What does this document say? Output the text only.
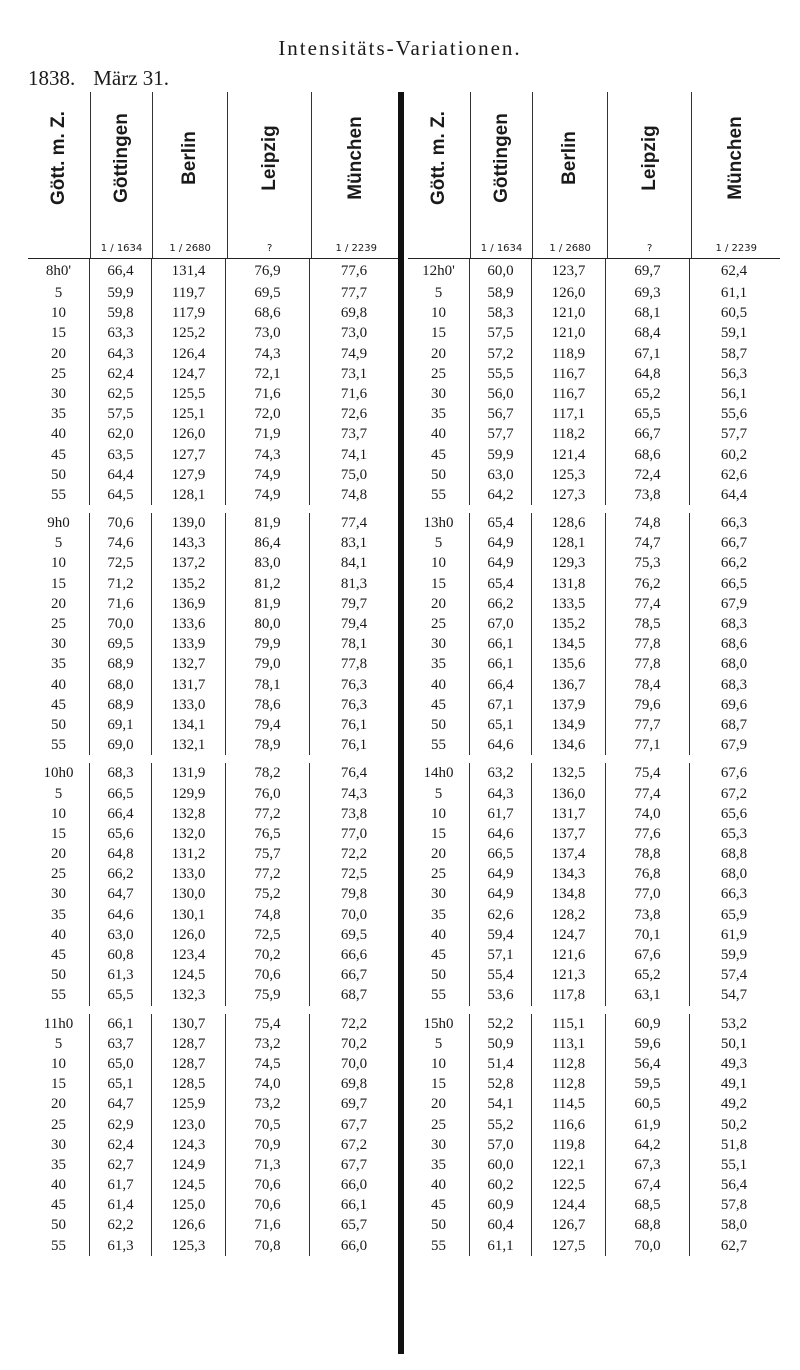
Intensitäts-Variationen.
1838. März 31.
Gött. m. Z. Göttingen
1 / 1634
Berlin
1 / 2680
Leipzig
?
München
1 / 2239
8h0'	66,4	131,4	76,9	77,6
5	59,9	119,7	69,5	77,7
10	59,8	117,9	68,6	69,8
15	63,3	125,2	73,0	73,0
20	64,3	126,4	74,3	74,9
25	62,4	124,7	72,1	73,1
30	62,5	125,5	71,6	71,6
35	57,5	125,1	72,0	72,6
40	62,0	126,0	71,9	73,7
45	63,5	127,7	74,3	74,1
50	64,4	127,9	74,9	75,0
55	64,5	128,1	74,9	74,8
9h0	70,6	139,0	81,9	77,4
5	74,6	143,3	86,4	83,1
10	72,5	137,2	83,0	84,1
15	71,2	135,2	81,2	81,3
20	71,6	136,9	81,9	79,7
25	70,0	133,6	80,0	79,4
30	69,5	133,9	79,9	78,1
35	68,9	132,7	79,0	77,8
40	68,0	131,7	78,1	76,3
45	68,9	133,0	78,6	76,3
50	69,1	134,1	79,4	76,1
55	69,0	132,1	78,9	76,1
10h0	68,3	131,9	78,2	76,4
5	66,5	129,9	76,0	74,3
10	66,4	132,8	77,2	73,8
15	65,6	132,0	76,5	77,0
20	64,8	131,2	75,7	72,2
25	66,2	133,0	77,2	72,5
30	64,7	130,0	75,2	79,8
35	64,6	130,1	74,8	70,0
40	63,0	126,0	72,5	69,5
45	60,8	123,4	70,2	66,6
50	61,3	124,5	70,6	66,7
55	65,5	132,3	75,9	68,7
11h0	66,1	130,7	75,4	72,2
5	63,7	128,7	73,2	70,2
10	65,0	128,7	74,5	70,0
15	65,1	128,5	74,0	69,8
20	64,7	125,9	73,2	69,7
25	62,9	123,0	70,5	67,7
30	62,4	124,3	70,9	67,2
35	62,7	124,9	71,3	67,7
40	61,7	124,5	70,6	66,0
45	61,4	125,0	70,6	66,1
50	62,2	126,6	71,6	65,7
55	61,3	125,3	70,8	66,0
Gött. m. Z. Göttingen
1 / 1634
Berlin
1 / 2680
Leipzig
?
München
1 / 2239
12h0'	60,0	123,7	69,7	62,4
5	58,9	126,0	69,3	61,1
10	58,3	121,0	68,1	60,5
15	57,5	121,0	68,4	59,1
20	57,2	118,9	67,1	58,7
25	55,5	116,7	64,8	56,3
30	56,0	116,7	65,2	56,1
35	56,7	117,1	65,5	55,6
40	57,7	118,2	66,7	57,7
45	59,9	121,4	68,6	60,2
50	63,0	125,3	72,4	62,6
55	64,2	127,3	73,8	64,4
13h0	65,4	128,6	74,8	66,3
5	64,9	128,1	74,7	66,7
10	64,9	129,3	75,3	66,2
15	65,4	131,8	76,2	66,5
20	66,2	133,5	77,4	67,9
25	67,0	135,2	78,5	68,3
30	66,1	134,5	77,8	68,6
35	66,1	135,6	77,8	68,0
40	66,4	136,7	78,4	68,3
45	67,1	137,9	79,6	69,6
50	65,1	134,9	77,7	68,7
55	64,6	134,6	77,1	67,9
14h0	63,2	132,5	75,4	67,6
5	64,3	136,0	77,4	67,2
10	61,7	131,7	74,0	65,6
15	64,6	137,7	77,6	65,3
20	66,5	137,4	78,8	68,8
25	64,9	134,3	76,8	68,0
30	64,9	134,8	77,0	66,3
35	62,6	128,2	73,8	65,9
40	59,4	124,7	70,1	61,9
45	57,1	121,6	67,6	59,9
50	55,4	121,3	65,2	57,4
55	53,6	117,8	63,1	54,7
15h0	52,2	115,1	60,9	53,2
5	50,9	113,1	59,6	50,1
10	51,4	112,8	56,4	49,3
15	52,8	112,8	59,5	49,1
20	54,1	114,5	60,5	49,2
25	55,2	116,6	61,9	50,2
30	57,0	119,8	64,2	51,8
35	60,0	122,1	67,3	55,1
40	60,2	122,5	67,4	56,4
45	60,9	124,4	68,5	57,8
50	60,4	126,7	68,8	58,0
55	61,1	127,5	70,0	62,7
